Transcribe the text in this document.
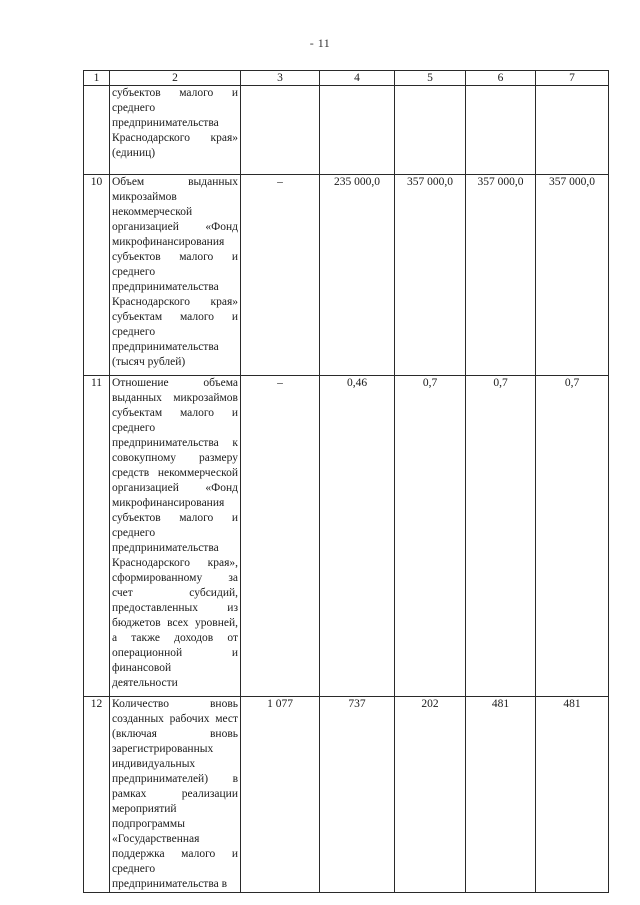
- 11
1	2	3	4	5	6	7
	субъектов малого и среднего предпринимательства Краснодарского края» (единиц)					
10	Объем выданных микрозаймов некоммерческой организацией «Фонд микрофинансирования субъектов малого и среднего предпринимательства Краснодарского края» субъектам малого и среднего предпринимательства (тысяч рублей)	–	235 000,0	357 000,0	357 000,0	357 000,0
11	Отношение объема выданных микрозаймов субъектам малого и среднего предпринимательства к совокупному размеру средств некоммерческой организацией «Фонд микрофинансирования субъектов малого и среднего предпринимательства Краснодарского края», сформированному за счет субсидий, предоставленных из бюджетов всех уровней, а также доходов от операционной и финансовой деятельности	–	0,46	0,7	0,7	0,7
12	Количество вновь созданных рабочих мест (включая вновь зарегистрированных индивидуальных предпринимателей) в рамках реализации мероприятий подпрограммы «Государственная поддержка малого и среднего предпринимательства в	1 077	737	202	481	481
